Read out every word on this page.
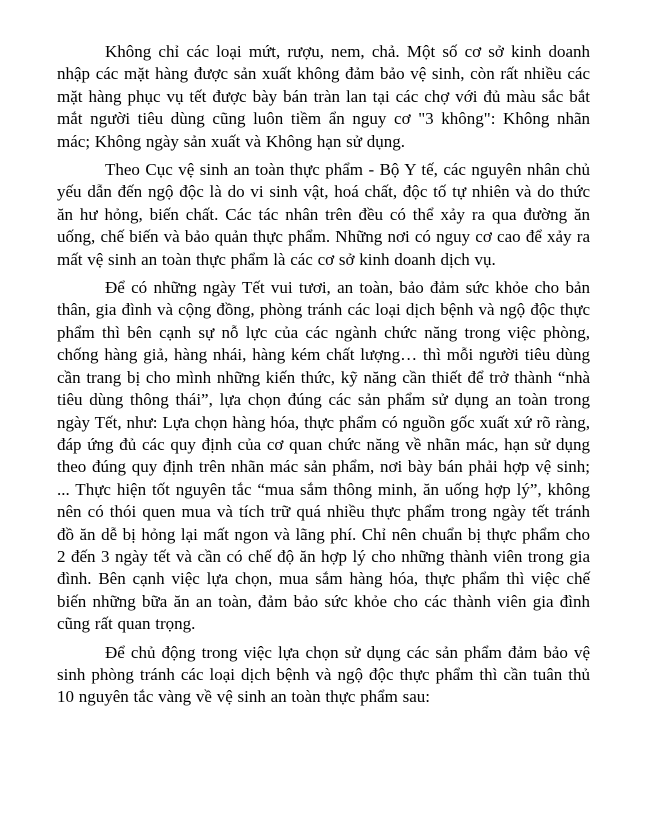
Không chỉ các loại mứt, rượu, nem, chả. Một số cơ sở kinh doanh nhập các mặt hàng được sản xuất không đảm bảo vệ sinh, còn rất nhiều các mặt hàng phục vụ tết được bày bán tràn lan tại các chợ với đủ màu sắc bắt mắt người tiêu dùng cũng luôn tiềm ẩn nguy cơ "3 không": Không nhãn mác; Không ngày sản xuất và Không hạn sử dụng.

Theo Cục vệ sinh an toàn thực phẩm - Bộ Y tế, các nguyên nhân chủ yếu dẫn đến ngộ độc là do vi sinh vật, hoá chất, độc tố tự nhiên và do thức ăn hư hỏng, biến chất. Các tác nhân trên đều có thể xảy ra qua đường ăn uống, chế biến và bảo quản thực phẩm. Những nơi có nguy cơ cao để xảy ra mất vệ sinh an toàn thực phẩm là các cơ sở kinh doanh dịch vụ.

Để có những ngày Tết vui tươi, an toàn, bảo đảm sức khỏe cho bản thân, gia đình và cộng đồng, phòng tránh các loại dịch bệnh và ngộ độc thực phẩm thì bên cạnh sự nỗ lực của các ngành chức năng trong việc phòng, chống hàng giả, hàng nhái, hàng kém chất lượng… thì mỗi người tiêu dùng cần trang bị cho mình những kiến thức, kỹ năng cần thiết để trở thành “nhà tiêu dùng thông thái”, lựa chọn đúng các sản phẩm sử dụng an toàn trong ngày Tết, như: Lựa chọn hàng hóa, thực phẩm có nguồn gốc xuất xứ rõ ràng, đáp ứng đủ các quy định của cơ quan chức năng về nhãn mác, hạn sử dụng theo đúng quy định trên nhãn mác sản phẩm, nơi bày bán phải hợp vệ sinh; ... Thực hiện tốt nguyên tắc “mua sắm thông minh, ăn uống hợp lý”, không nên có thói quen mua và tích trữ quá nhiều thực phẩm trong ngày tết tránh đồ ăn dễ bị hỏng lại mất ngon và lãng phí. Chỉ nên chuẩn bị thực phẩm cho 2 đến 3 ngày tết và cần có chế độ ăn hợp lý cho những thành viên trong gia đình. Bên cạnh việc lựa chọn, mua sắm hàng hóa, thực phẩm thì việc chế biến những bữa ăn an toàn, đảm bảo sức khỏe cho các thành viên gia đình cũng rất quan trọng.

Để chủ động trong việc lựa chọn sử dụng các sản phẩm đảm bảo vệ sinh phòng tránh các loại dịch bệnh và ngộ độc thực phẩm thì cần tuân thủ 10 nguyên tắc vàng về vệ sinh an toàn thực phẩm sau:
